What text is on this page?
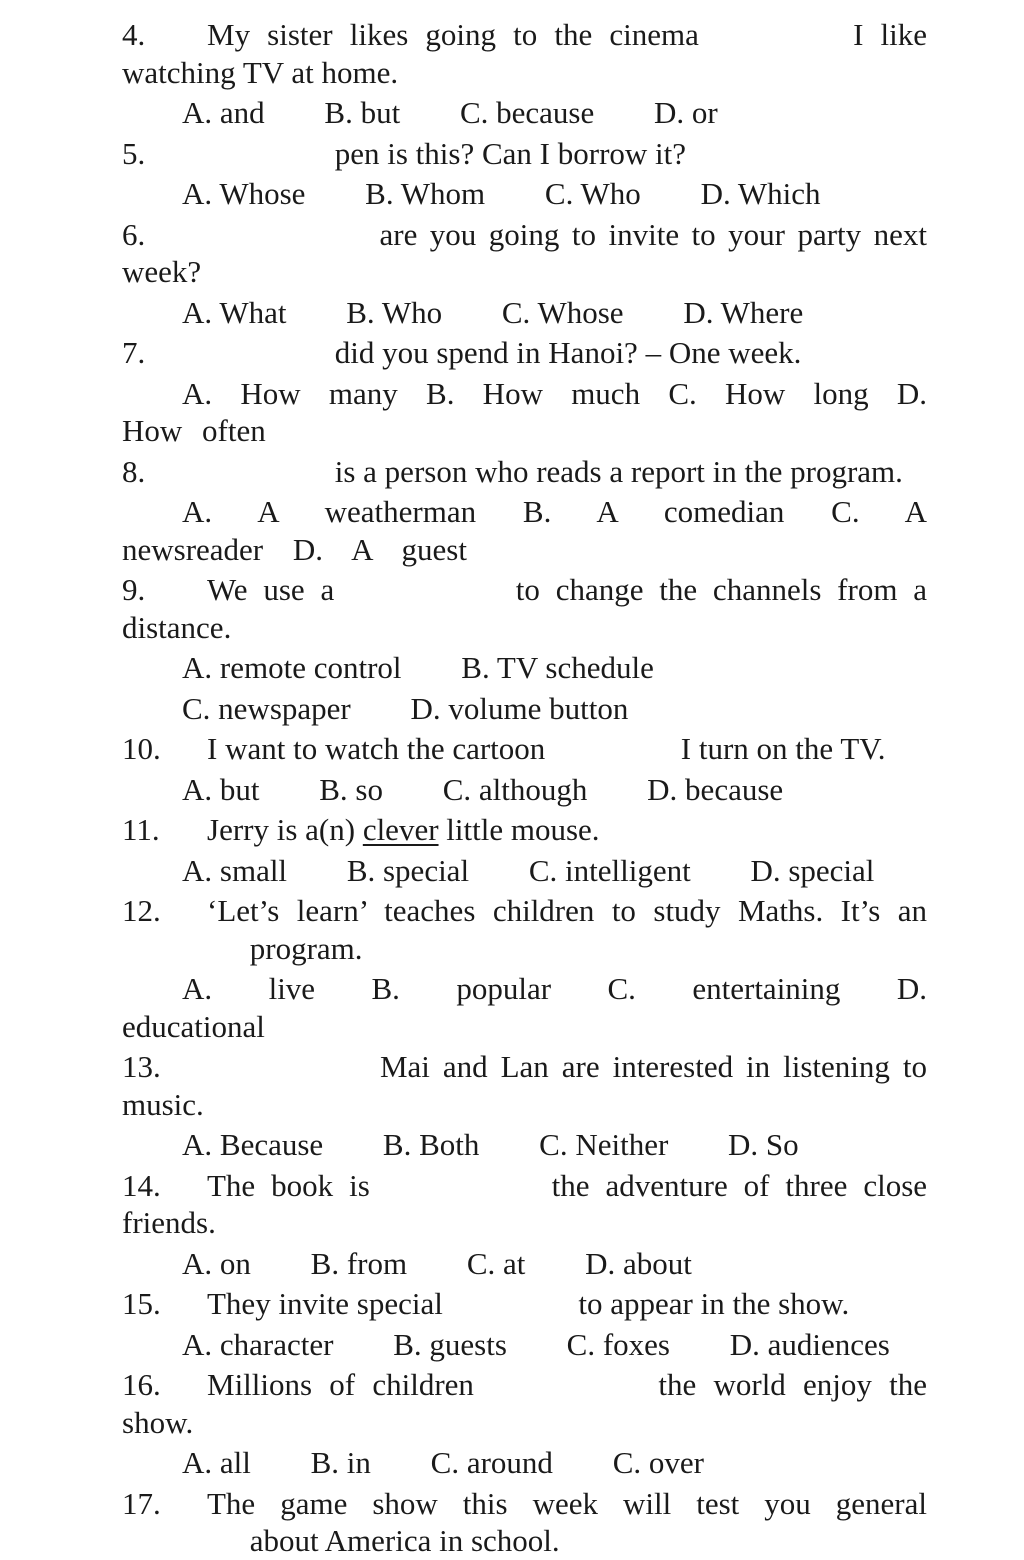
4. My sister likes going to the cinema	I like watching TV at home.

A. and B. but C. because D. or

5.	pen is this? Can I borrow it?

A. Whose B. Whom C. Who D. Which

6.	are you going to invite to your party next week?

A. What B. Who C. Whose D. Where

7.	did you spend in Hanoi? – One week.

A. How many B. How much C. How long D. How often

8.	is a person who reads a report in the program.

A. A weatherman B. A comedian C. A newsreader D. A guest

9. We use a	to change the channels from a distance.

A. remote control B. TV schedule

C. newspaper D. volume button

10. I want to watch the cartoon	I turn on the TV.

A. but B. so C. although D. because

11. Jerry is a(n) clever little mouse.

A. small B. special C. intelligent D. special

12. ‘Let’s learn’ teaches children to study Maths. It’s an  program.

A. live B. popular C. entertaining D. educational

13.	Mai and Lan are interested in listening to music.

A. Because B. Both C. Neither D. So

14. The book is	the adventure of three close friends.

A. on B. from C. at D. about

15. They invite special	to appear in the show.

A. character B. guests C. foxes D. audiences

16. Millions of children	the world enjoy the show.

A. all B. in C. around C. over

17. The game show this week will test you general
about America in school.
